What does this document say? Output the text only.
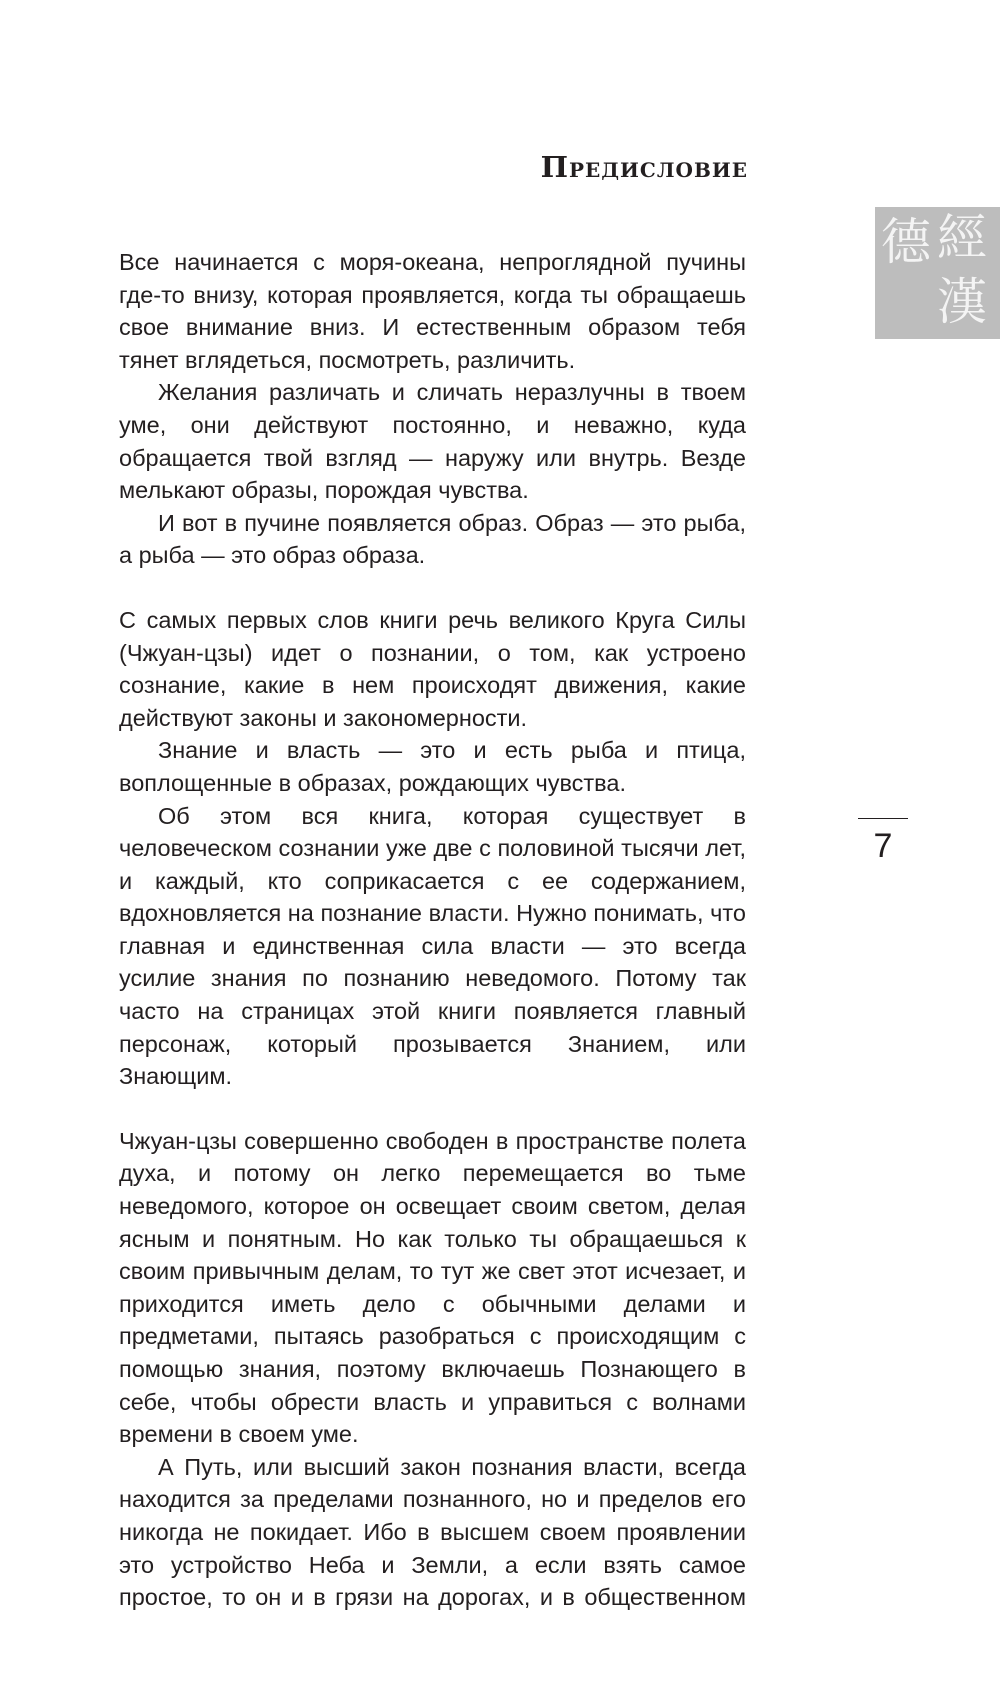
Предисловие
經
德
漢

Все начинается с моря-океана, непроглядной пучины где-то внизу, которая проявляется, когда ты обращаешь свое внимание вниз. И естественным образом тебя тянет вглядеться, посмотреть, различить.

Желания различать и сличать неразлучны в твоем уме, они действуют постоянно, и неважно, куда обращается твой взгляд — наружу или внутрь. Везде мелькают образы, порождая чувства.

И вот в пучине появляется образ. Образ — это рыба, а рыба — это образ образа.

С самых первых слов книги речь великого Круга Силы (Чжуан-цзы) идет о познании, о том, как устроено сознание, какие в нем происходят движения, какие действуют законы и закономерности.

Знание и власть — это и есть рыба и птица, воплощенные в образах, рождающих чувства.

Об этом вся книга, которая существует в человеческом сознании уже две с половиной тысячи лет, и каждый, кто соприкасается с ее содержанием, вдохновляется на познание власти. Нужно понимать, что главная и единственная сила власти — это всегда усилие знания по познанию неведомого. Потому так часто на страницах этой книги появляется главный персонаж, который прозывается Знанием, или Знающим.

Чжуан-цзы совершенно свободен в пространстве полета духа, и потому он легко перемещается во тьме неведомого, которое он освещает своим светом, делая ясным и понятным. Но как только ты обращаешься к своим привычным делам, то тут же свет этот исчезает, и приходится иметь дело с обычными делами и предметами, пытаясь разобраться с происходящим с помощью знания, поэтому включаешь Познающего в себе, чтобы обрести власть и управиться с волнами времени в своем уме.

А Путь, или высший закон познания власти, всегда находится за пределами познанного, но и пределов его никогда не покидает. Ибо в высшем своем проявлении это устройство Неба и Земли, а если взять самое простое, то он и в грязи на дорогах, и в общественном

7
